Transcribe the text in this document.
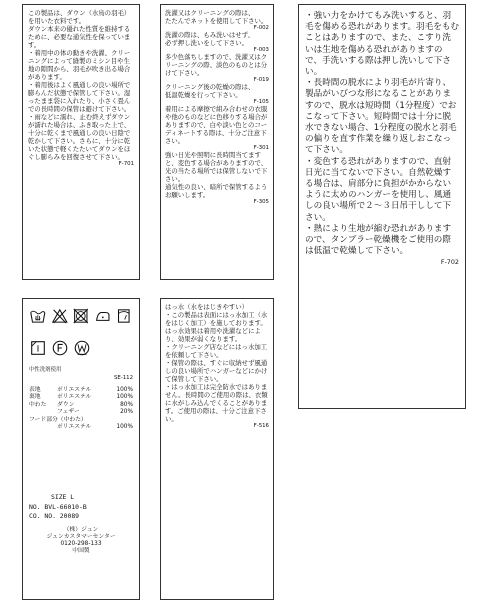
この製品は、ダウン（水鳥の羽毛）を用いた衣料です。
ダウン本来の優れた性質を維持するために、必要な通気性を保っています。
・着用中の体の動きや洗濯、クリーニングによって縫製のミシン目や生地の隙間から、羽毛が吹き出る場合があります。
・着用後はよく風通しの良い場所で膨らんだ状態で保管して下さい。湿ったまま袋に入れたり、小さく畳んでの長時間の保管は避けて下さい。
・雨などに濡れ、止む終えずダウンが濡れた場合は、ふき取った上で、十分に乾くまで風通しの良い日陰で乾かして下さい。さらに、十分に乾いた状態で軽くたたいてダウンをほぐし膨らみを回復させて下さい。

F-701

洗濯又はクリーニングの際は、
たたんでネットを使用して下さい。

F-002

洗濯の際は、もみ洗いはせず、
必ず押し洗いをして下さい。

F-003

多少色落ちしますので、洗濯又はクリーニングの際、淡色のものとは分けて下さい。

F-019

クリーニング後の乾燥の際は、
低温乾燥を行って下さい。

F-105

着用による摩擦で組み合わせの衣服や他のものなどに色移りする場合がありますので、白や淡い色とのコーディネートする際は、十分ご注意下さい。

F-301

強い日光や照明に長時間当てますと、変色する場合がありますので、光の当たる場所では保管しないで下さい。
通気性の良い、暗所で保管するようお願いします。

F-305

・強い力をかけてもみ洗いすると、羽毛を傷める恐れがあります。羽毛をもむことはありますので、また、こすり洗いは生地を傷める恐れがありますので、手洗いする際は押し洗いして下さい。
・長時間の脱水により羽毛が片寄り、製品がいびつな形になることがありますので、脱水は短時間（1分程度）でおこなって下さい。短時間では十分に脱水できない場合、1分程度の脱水と羽毛の偏りを直す作業を繰り返しおこなって下さい。
・変色する恐れがありますので、直射日光に当てないで下さい。自然乾燥する場合は、肩部分に負担がかからないように太めのハンガーを使用し、風通しの良い場所で２～３日吊干しして下さい。
・熱により生地が縮む恐れがありますので、タンブラー乾燥機をご使用の際は低温で乾燥して下さい。

F-702
中性洗剤使用
SE-112
表地	ポリエステル	100%
裏地	ポリエステル	100%
中わた	ダウン	80%
フェザー	20%
フード部分（中わた）
ポリエステル	100%
SIZE L
NO. BVL-66010-B
CO. NO. 20089
（株）ジュン
ジュンカスタマーセンター
0120-298-133
中国製

はっ水（水をはじきやすい）
・この製品は表面にはっ水加工（水をはじく加工）を施しております。はっ水効果は着用や洗濯などにより、効果が弱くなります。
・クリーニング店などにはっ水加工を依頼して下さい。
・保管の際は、すぐに収納せず風通しの良い場所でハンガーなどにかけて保管して下さい。
・はっ水加工は完全防水ではありません。長時間のご使用の際は、衣類に水がしみ込んでくることがあります。ご使用の際は、十分ご注意下さい。

F-516
